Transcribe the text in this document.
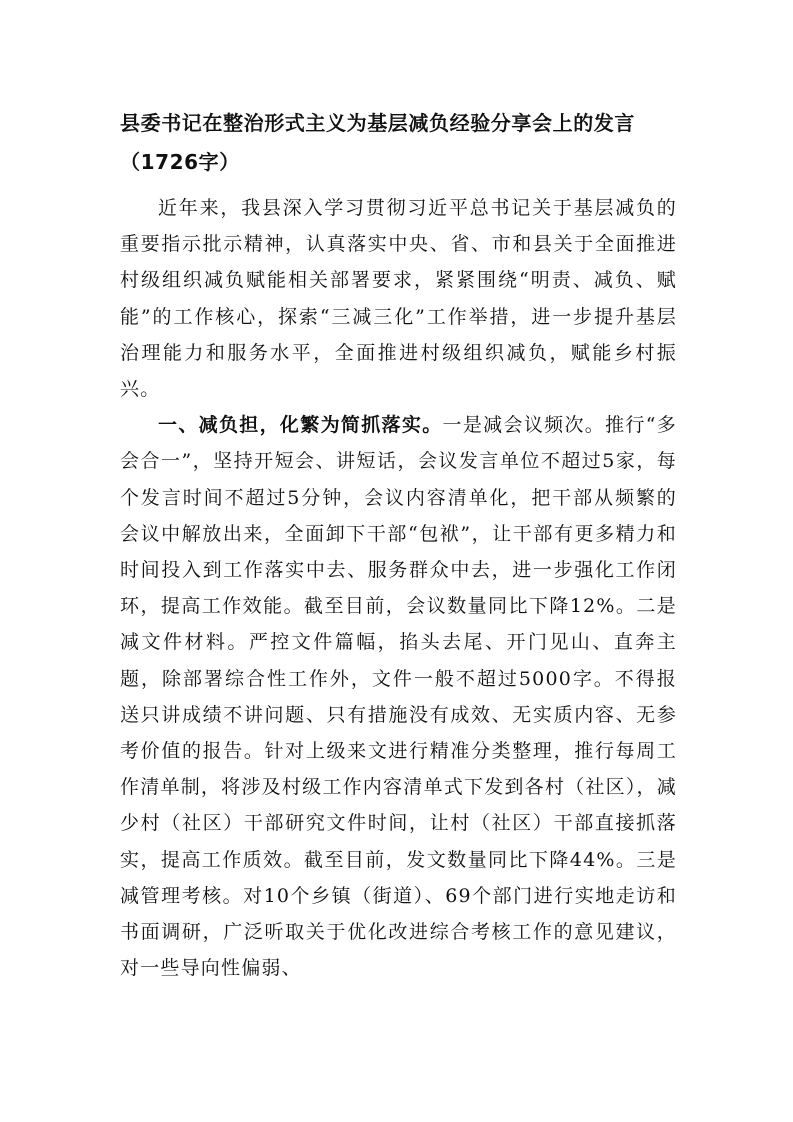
县委书记在整治形式主义为基层减负经验分享会上的发言（1726字）

近年来，我县深入学习贯彻习近平总书记关于基层减负的重要指示批示精神，认真落实中央、省、市和县关于全面推进村级组织减负赋能相关部署要求，紧紧围绕“明责、减负、赋能”的工作核心，探索“三减三化”工作举措，进一步提升基层治理能力和服务水平，全面推进村级组织减负，赋能乡村振兴。

一、减负担，化繁为简抓落实。一是减会议频次。推行“多会合一”，坚持开短会、讲短话，会议发言单位不超过5家，每个发言时间不超过5分钟，会议内容清单化，把干部从频繁的会议中解放出来，全面卸下干部“包袱”，让干部有更多精力和时间投入到工作落实中去、服务群众中去，进一步强化工作闭环，提高工作效能。截至目前，会议数量同比下降12%。二是减文件材料。严控文件篇幅，掐头去尾、开门见山、直奔主题，除部署综合性工作外，文件一般不超过5000字。不得报送只讲成绩不讲问题、只有措施没有成效、无实质内容、无参考价值的报告。针对上级来文进行精准分类整理，推行每周工作清单制，将涉及村级工作内容清单式下发到各村（社区），减少村（社区）干部研究文件时间，让村（社区）干部直接抓落实，提高工作质效。截至目前，发文数量同比下降44%。三是减管理考核。对10个乡镇（街道）、69个部门进行实地走访和书面调研，广泛听取关于优化改进综合考核工作的意见建议，对一些导向性偏弱、
